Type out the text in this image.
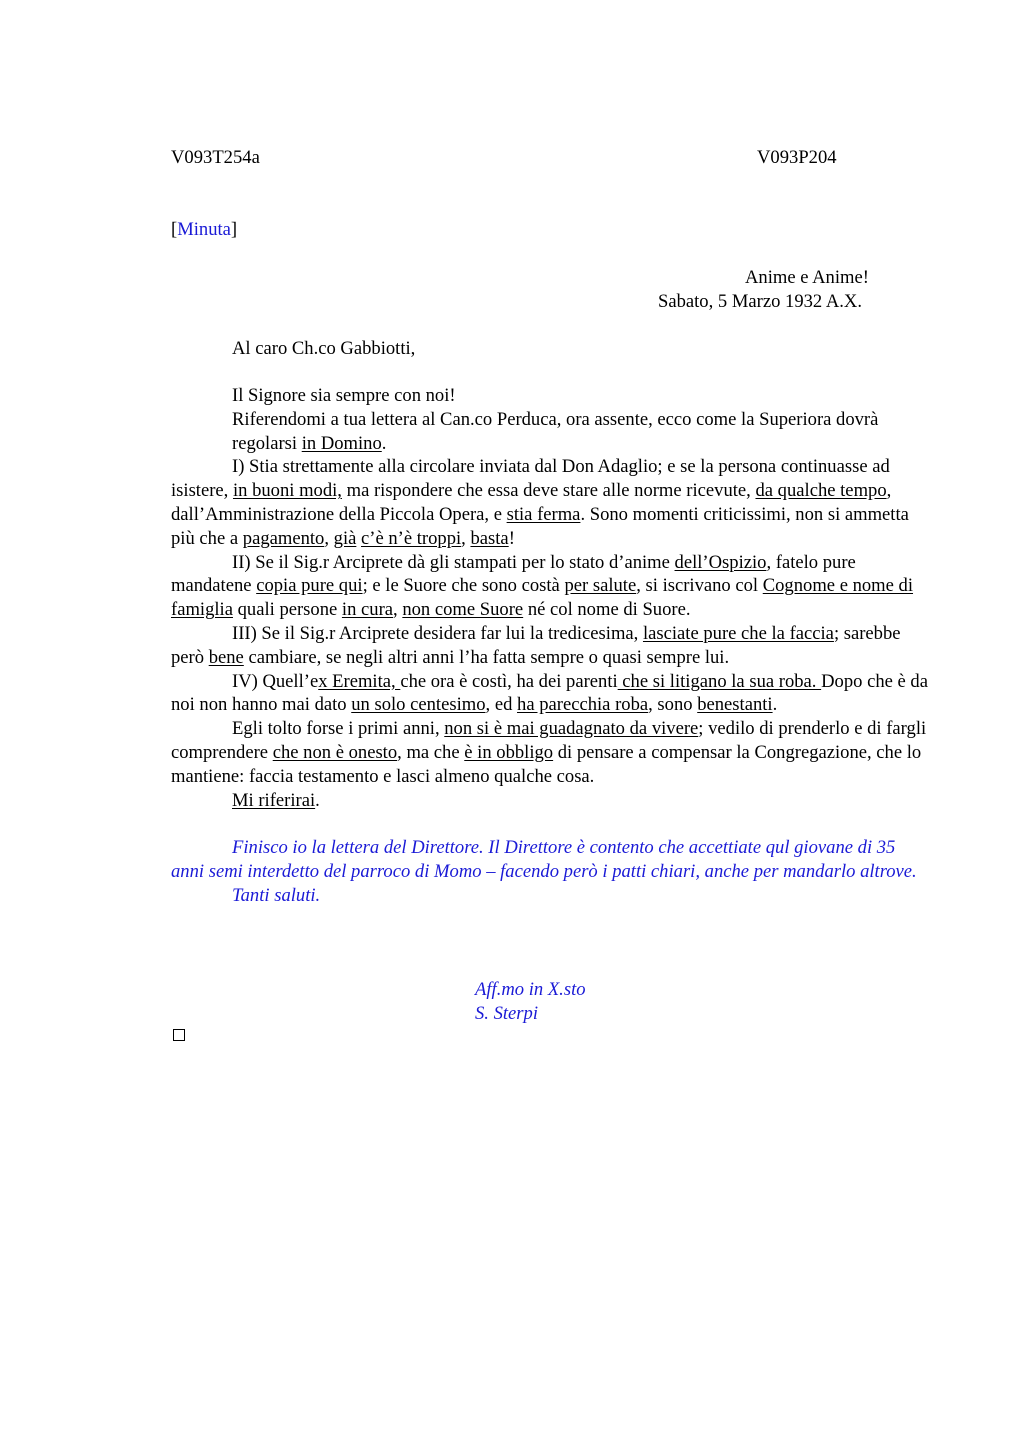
V093T254a	V093P204
[Minuta]
Anime e Anime!
Sabato, 5 Marzo 1932 A.X.
Al caro Ch.co Gabbiotti,

Il Signore sia sempre con noi!

Riferendomi a tua lettera al Can.co Perduca, ora assente, ecco come la Superiora dovrà regolarsi in Domino.

I) Stia strettamente alla circolare inviata dal Don Adaglio; e se la persona continuasse ad isistere, in buoni modi, ma rispondere che essa deve stare alle norme ricevute, da qualche tempo, dall’Amministrazione della Piccola Opera, e stia ferma. Sono momenti criticissimi, non si ammetta più che a pagamento, già c’è n’è troppi, basta!

II) Se il Sig.r Arciprete dà gli stampati per lo stato d’anime dell’Ospizio, fatelo pure mandatene copia pure qui; e le Suore che sono costà per salute, si iscrivano col Cognome e nome di famiglia quali persone in cura, non come Suore né col nome di Suore.

III) Se il Sig.r Arciprete desidera far lui la tredicesima, lasciate pure che la faccia; sarebbe però bene cambiare, se negli altri anni l’ha fatta sempre o quasi sempre lui.

IV) Quell’ex Eremita, che ora è costì, ha dei parenti che si litigano la sua roba. Dopo che è da noi non hanno mai dato un solo centesimo, ed ha parecchia roba, sono benestanti.

Egli tolto forse i primi anni, non si è mai guadagnato da vivere; vedilo di prenderlo e di fargli comprendere che non è onesto, ma che è in obbligo di pensare a compensar la Congregazione, che lo mantiene: faccia testamento e lasci almeno qualche cosa.

Mi riferirai.

Finisco io la lettera del Direttore. Il Direttore è contento che accettiate qul giovane di 35 anni semi interdetto del parroco di Momo – facendo però i patti chiari, anche per mandarlo altrove.

Tanti saluti.

Aff.mo in X.sto
S. Sterpi
